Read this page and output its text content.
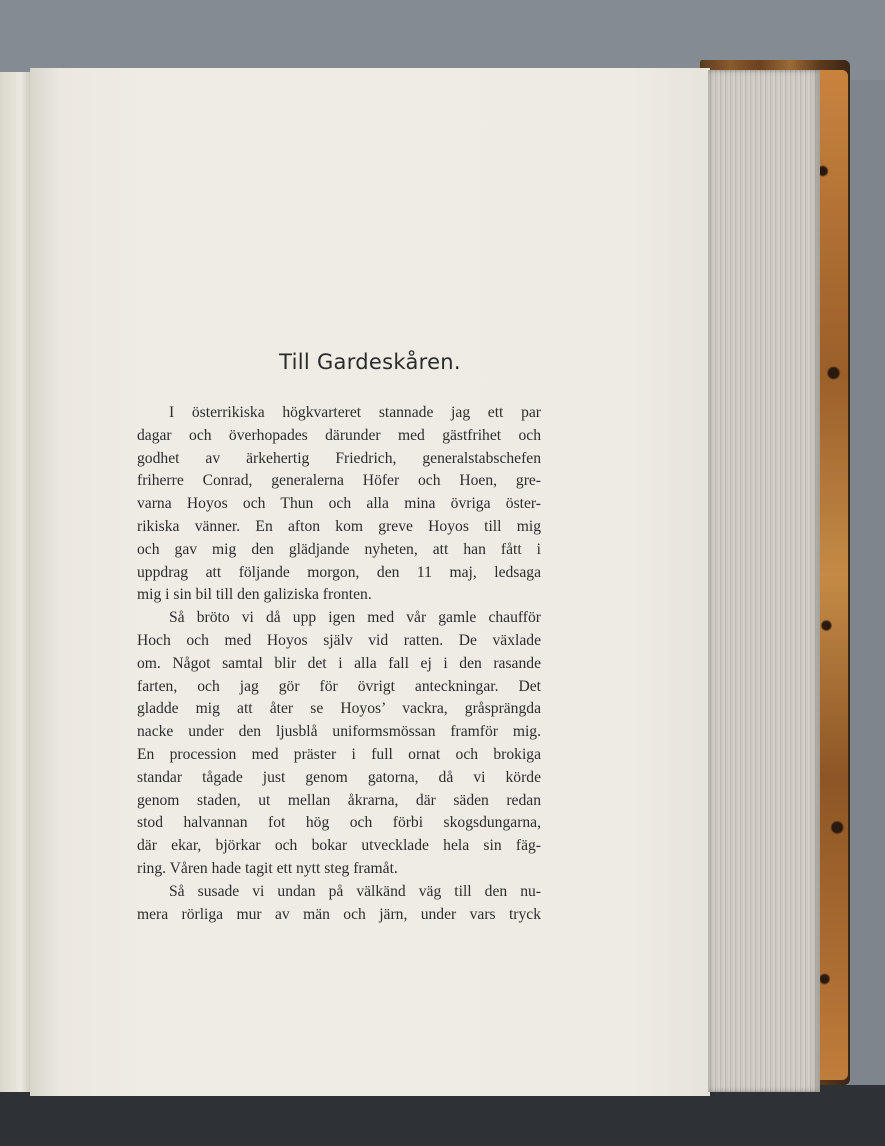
Till Gardeskåren.
I österrikiska högkvarteret stannade jag ett par
dagar och överhopades därunder med gästfrihet och
godhet av ärkehertig Friedrich, generalstabschefen
friherre Conrad, generalerna Höfer och Hoen, gre-
varna Hoyos och Thun och alla mina övriga öster-
rikiska vänner. En afton kom greve Hoyos till mig
och gav mig den glädjande nyheten, att han fått i
uppdrag att följande morgon, den 11 maj, ledsaga
mig i sin bil till den galiziska fronten.
Så bröto vi då upp igen med vår gamle chaufför
Hoch och med Hoyos själv vid ratten. De växlade
om. Något samtal blir det i alla fall ej i den rasande
farten, och jag gör för övrigt anteckningar. Det
gladde mig att åter se Hoyos’ vackra, gråsprängda
nacke under den ljusblå uniformsmössan framför mig.
En procession med präster i full ornat och brokiga
standar tågade just genom gatorna, då vi körde
genom staden, ut mellan åkrarna, där säden redan
stod halvannan fot hög och förbi skogsdungarna,
där ekar, björkar och bokar utvecklade hela sin fäg-
ring. Våren hade tagit ett nytt steg framåt.
Så susade vi undan på välkänd väg till den nu-
mera rörliga mur av män och järn, under vars tryck
